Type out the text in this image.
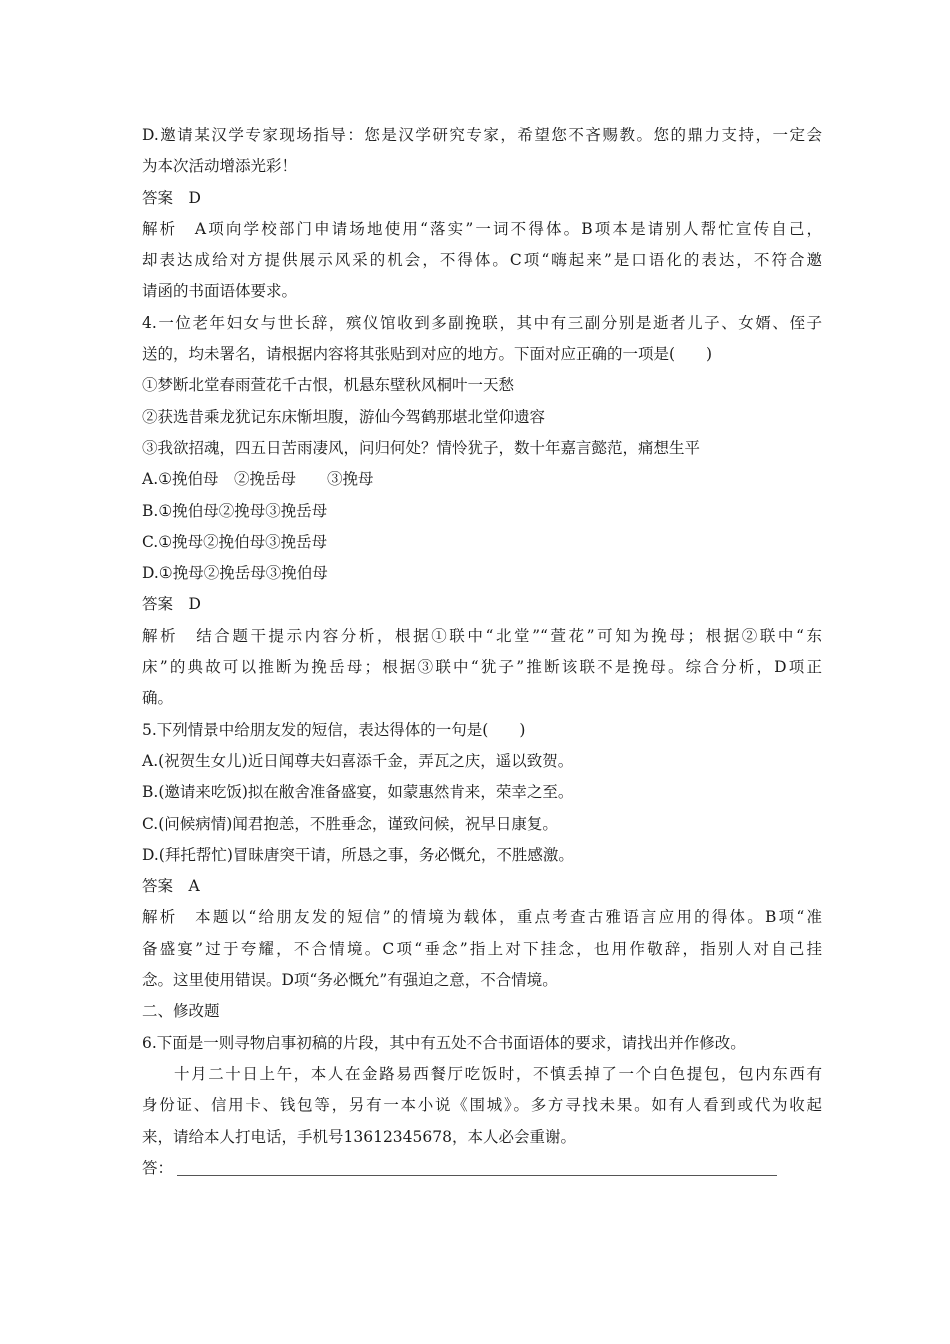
D.邀请某汉学专家现场指导：您是汉学研究专家，希望您不吝赐教。您的鼎力支持，一定会
为本次活动增添光彩！
答案　D
解析　A项向学校部门申请场地使用“落实”一词不得体。B项本是请别人帮忙宣传自己，
却表达成给对方提供展示风采的机会，不得体。C项“嗨起来”是口语化的表达，不符合邀
请函的书面语体要求。
4.一位老年妇女与世长辞，殡仪馆收到多副挽联，其中有三副分别是逝者儿子、女婿、侄子
送的，均未署名，请根据内容将其张贴到对应的地方。下面对应正确的一项是(　　)
①梦断北堂春雨萱花千古恨，机悬东壁秋风桐叶一天愁
②获选昔乘龙犹记东床惭坦腹，游仙今驾鹤那堪北堂仰遗容
③我欲招魂，四五日苦雨凄风，问归何处？情怜犹子，数十年嘉言懿范，痛想生平
A.①挽伯母　②挽岳母　　③挽母
B.①挽伯母②挽母③挽岳母
C.①挽母②挽伯母③挽岳母
D.①挽母②挽岳母③挽伯母
答案　D
解析　结合题干提示内容分析，根据①联中“北堂”“萱花”可知为挽母；根据②联中“东
床”的典故可以推断为挽岳母；根据③联中“犹子”推断该联不是挽母。综合分析，D项正
确。
5.下列情景中给朋友发的短信，表达得体的一句是(　　)
A.(祝贺生女儿)近日闻尊夫妇喜添千金，弄瓦之庆，遥以致贺。
B.(邀请来吃饭)拟在敝舍准备盛宴，如蒙惠然肯来，荣幸之至。
C.(问候病情)闻君抱恙，不胜垂念，谨致问候，祝早日康复。
D.(拜托帮忙)冒昧唐突干请，所恳之事，务必慨允，不胜感激。
答案　A
解析　本题以“给朋友发的短信”的情境为载体，重点考查古雅语言应用的得体。B项“准
备盛宴”过于夸耀，不合情境。C项“垂念”指上对下挂念，也用作敬辞，指别人对自己挂
念。这里使用错误。D项“务必慨允”有强迫之意，不合情境。
二、修改题
6.下面是一则寻物启事初稿的片段，其中有五处不合书面语体的要求，请找出并作修改。
十月二十日上午，本人在金路易西餐厅吃饭时，不慎丢掉了一个白色提包，包内东西有
身份证、信用卡、钱包等，另有一本小说《围城》。多方寻找未果。如有人看到或代为收起
来，请给本人打电话，手机号13612345678，本人必会重谢。
答：
